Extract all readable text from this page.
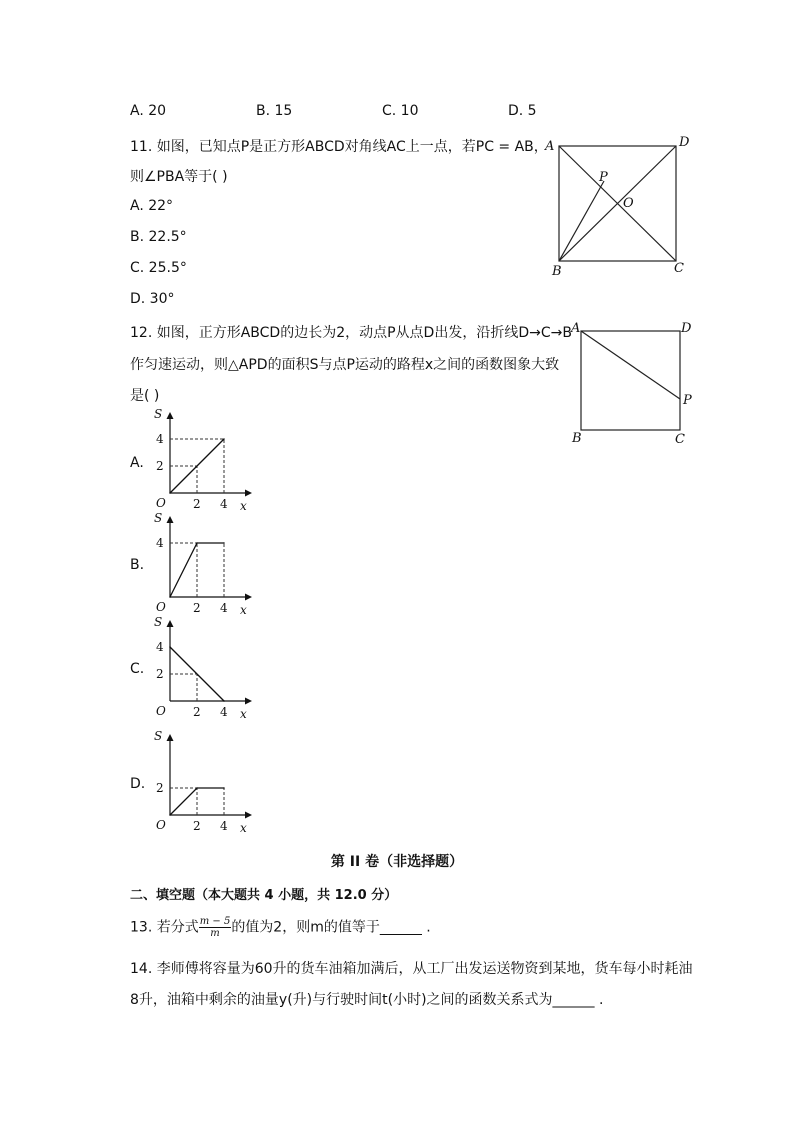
A. 20	B. 15	C. 10	D. 5
11. 如图，已知点P是正方形ABCD对角线AC上一点，若PC = AB，
则∠PBA等于( )
A. 22°
B. 22.5°
C. 25.5°
D. 30°
A	D
B	C
P
O
12. 如图，正方形ABCD的边长为2，动点P从点D出发，沿折线D→C→B
作匀速运动，则△APD的面积S与点P运动的路程x之间的函数图象大致
是( )
A	D
B	C
P
A.
B.
C.
D.
S
x
O 2 4
2
4
S
x
O 2 4
4
S
x
O 2 4
2
4
S
x
O 2 4
2
第 II 卷（非选择题）
二、填空题（本大题共 4 小题，共 12.0 分）
13. 若分式 $\frac{m - 5}{m}$ 的值为2，则m的值等于______ .
14. 李师傅将容量为60升的货车油箱加满后，从工厂出发运送物资到某地，货车每小时耗油
8升，油箱中剩余的油量y(升)与行驶时间t(小时)之间的函数关系式为______ .
